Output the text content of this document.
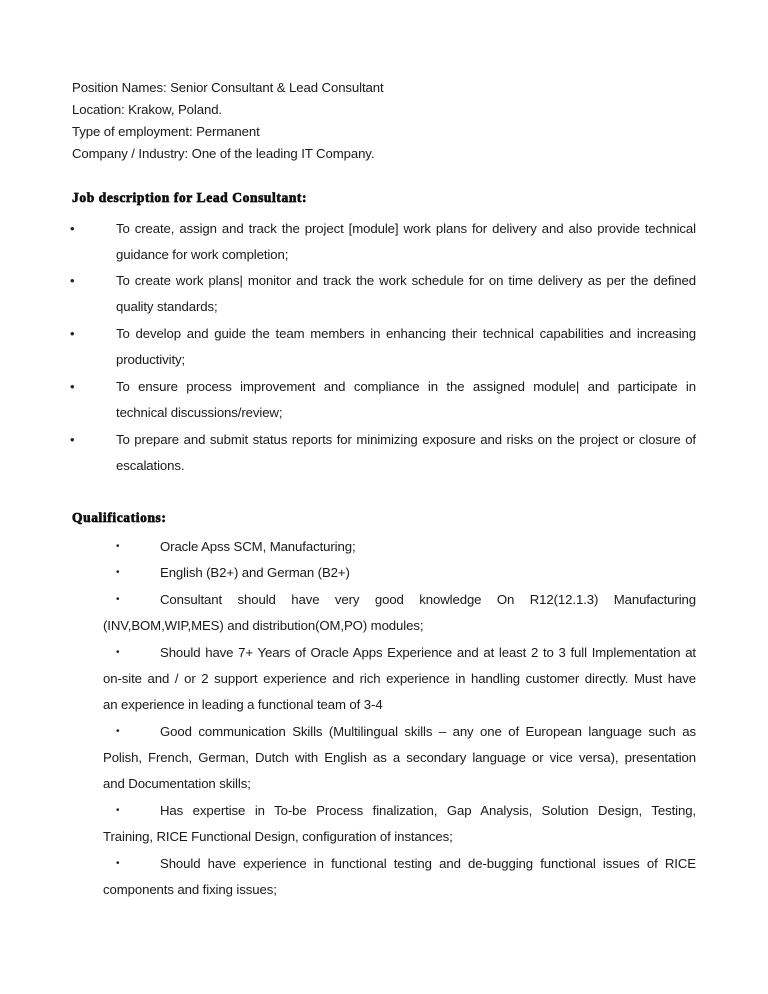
Position Names: Senior Consultant & Lead Consultant
Location: Krakow, Poland.
Type of employment: Permanent
Company / Industry: One of the leading IT Company.
Job description for Lead Consultant:
•	To create, assign and track the project [module] work plans for delivery and also provide technical
guidance for work completion;
•	To create work plans| monitor and track the work schedule for on time delivery as per the defined
quality standards;
•	To develop and guide the team members in enhancing their technical capabilities and increasing
productivity;
•	To ensure process improvement and compliance in the assigned module| and participate in
technical discussions/review;
•	To prepare and submit status reports for minimizing exposure and risks on the project or closure of
escalations.
Qualifications:
•	Oracle Apss SCM, Manufacturing;
•	English (B2+) and German (B2+)
•	Consultant should have very good knowledge On R12(12.1.3) Manufacturing
(INV,BOM,WIP,MES) and distribution(OM,PO) modules;
•	Should have 7+ Years of Oracle Apps Experience and at least 2 to 3 full Implementation at
on-site and / or 2 support experience and rich experience in handling customer directly. Must have
an experience in leading a functional team of 3-4
•	Good communication Skills (Multilingual skills – any one of European language such as
Polish, French, German, Dutch with English as a secondary language or vice versa), presentation
and Documentation skills;
•	Has expertise in To-be Process finalization, Gap Analysis, Solution Design, Testing,
Training, RICE Functional Design, configuration of instances;
•	Should have experience in functional testing and de-bugging functional issues of RICE
components and fixing issues;
